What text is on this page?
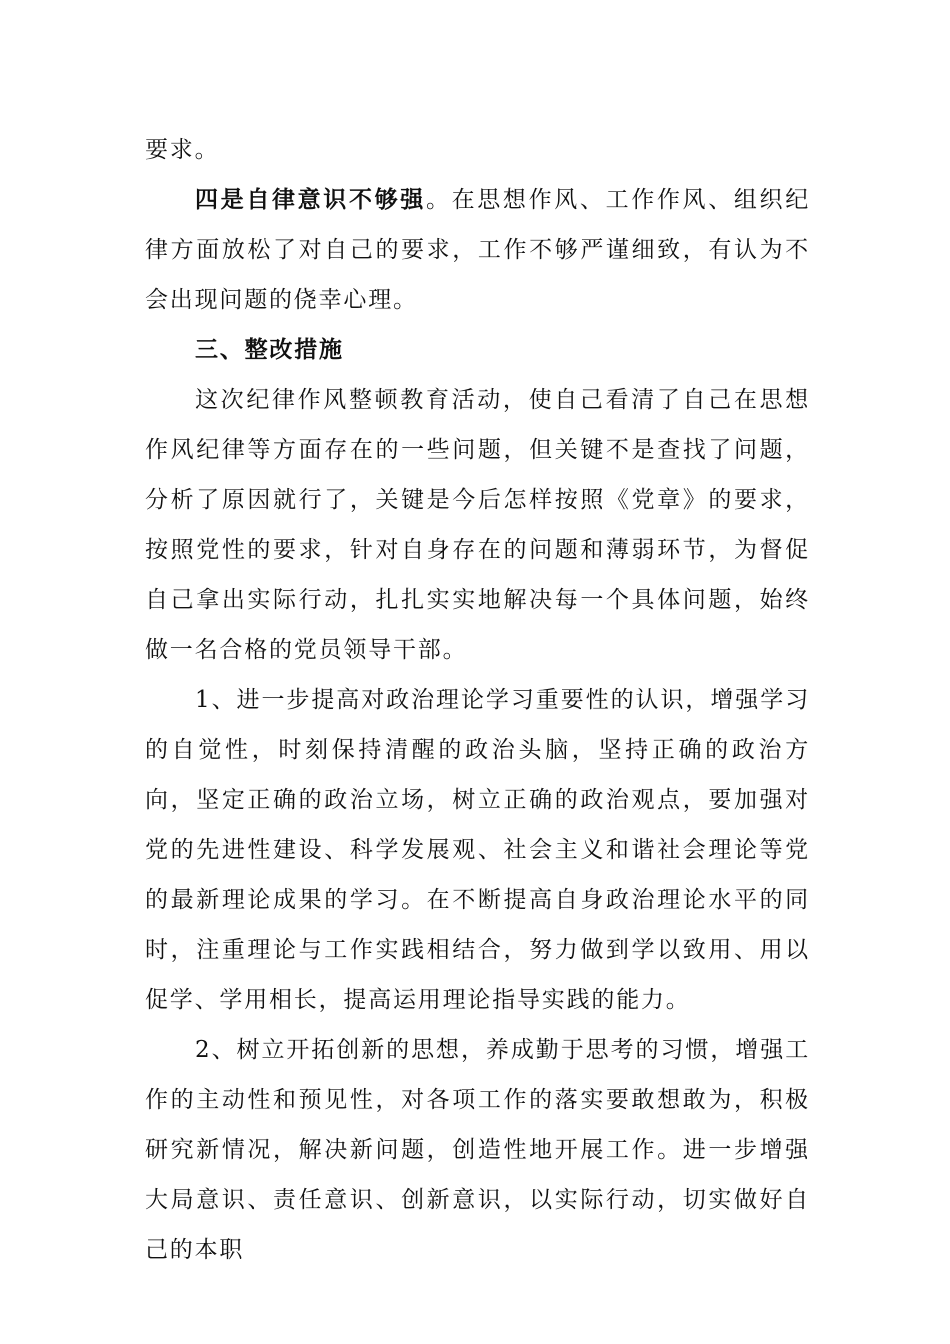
要求。

四是自律意识不够强。在思想作风、工作作风、组织纪律方面放松了对自己的要求，工作不够严谨细致，有认为不会出现问题的侥幸心理。

三、整改措施

这次纪律作风整顿教育活动，使自己看清了自己在思想作风纪律等方面存在的一些问题，但关键不是查找了问题，分析了原因就行了，关键是今后怎样按照《党章》的要求，按照党性的要求，针对自身存在的问题和薄弱环节，为督促自己拿出实际行动，扎扎实实地解决每一个具体问题，始终做一名合格的党员领导干部。

1、进一步提高对政治理论学习重要性的认识，增强学习的自觉性，时刻保持清醒的政治头脑，坚持正确的政治方向，坚定正确的政治立场，树立正确的政治观点，要加强对党的先进性建设、科学发展观、社会主义和谐社会理论等党的最新理论成果的学习。在不断提高自身政治理论水平的同时，注重理论与工作实践相结合，努力做到学以致用、用以促学、学用相长，提高运用理论指导实践的能力。

2、树立开拓创新的思想，养成勤于思考的习惯，增强工作的主动性和预见性，对各项工作的落实要敢想敢为，积极研究新情况，解决新问题，创造性地开展工作。进一步增强大局意识、责任意识、创新意识，以实际行动，切实做好自己的本职
